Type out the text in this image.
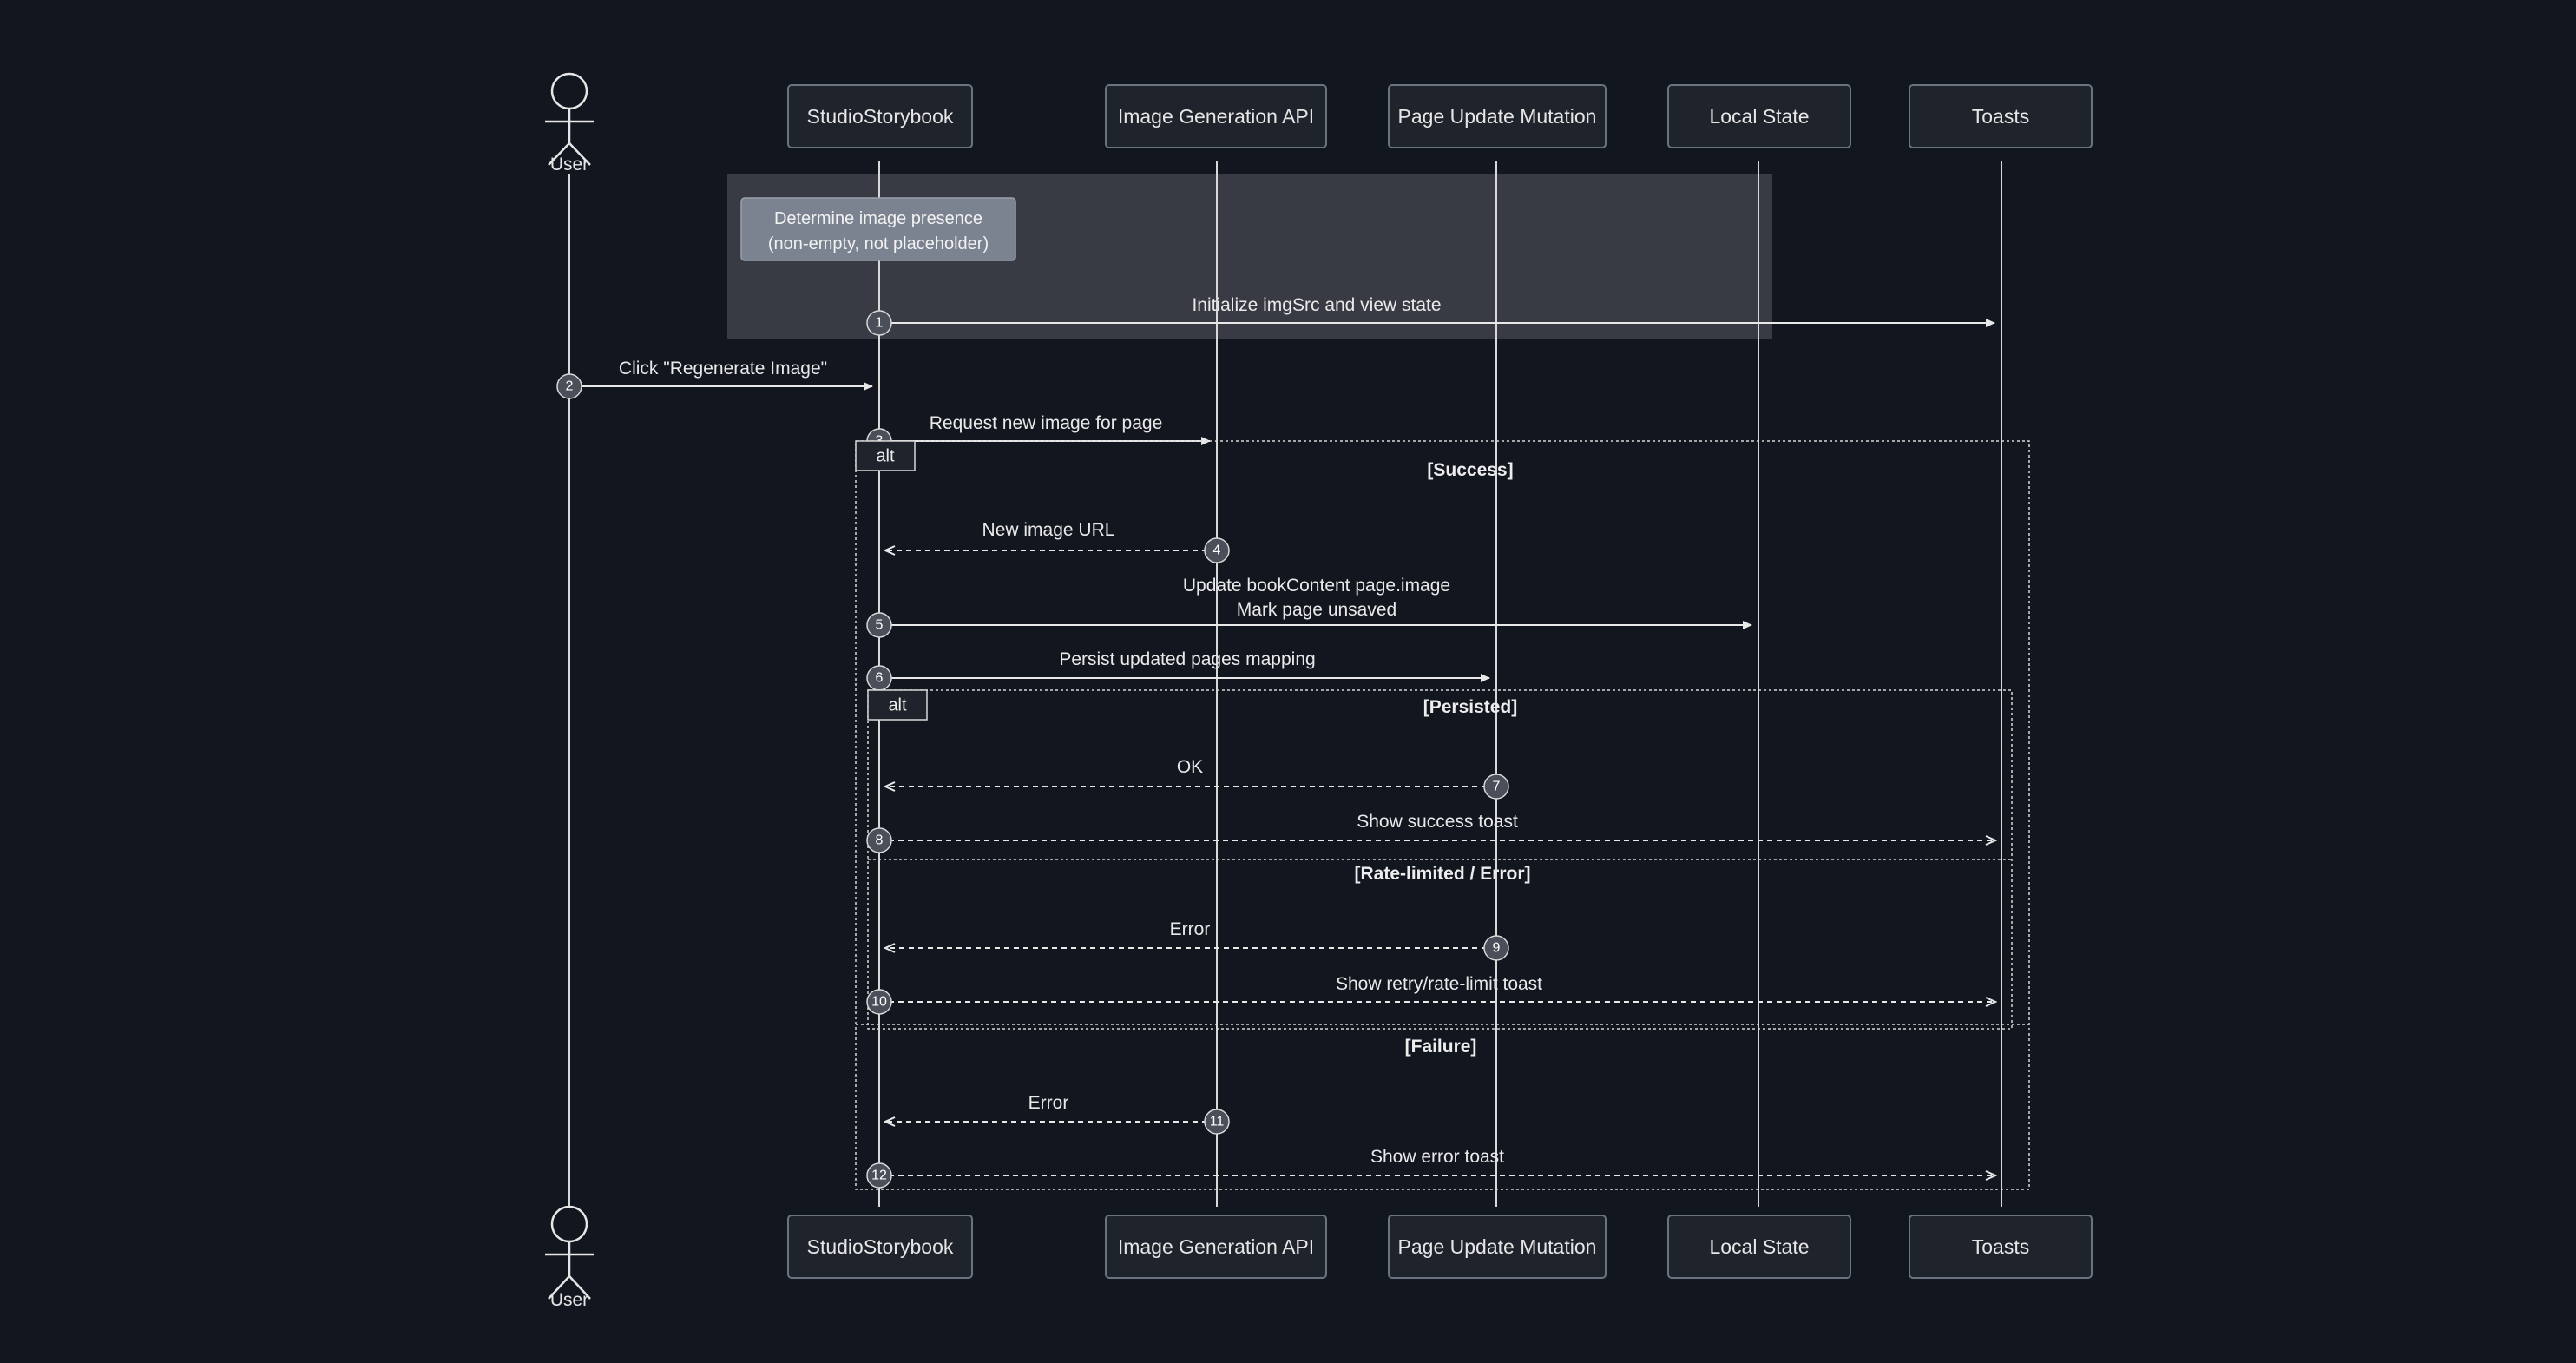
User
StudioStorybook	Image Generation API	Page Update Mutation	Local State	Toasts
Determine image presence
(non-empty, not placeholder)
Initialize imgSrc and view state
1
Click "Regenerate Image"
2
Request new image for page
alt
[Success]
[Failure]
New image URL
4
Update bookContent page.image
Mark page unsaved
5
Persist updated pages mapping
6
alt	[Persisted]
[Rate-limited / Error]
OK
7
Show success toast
8
Error
9
Show retry/rate-limit toast
10
Error
11
Show error toast
12
User
StudioStorybook	Image Generation API	Page Update Mutation	Local State	Toasts
